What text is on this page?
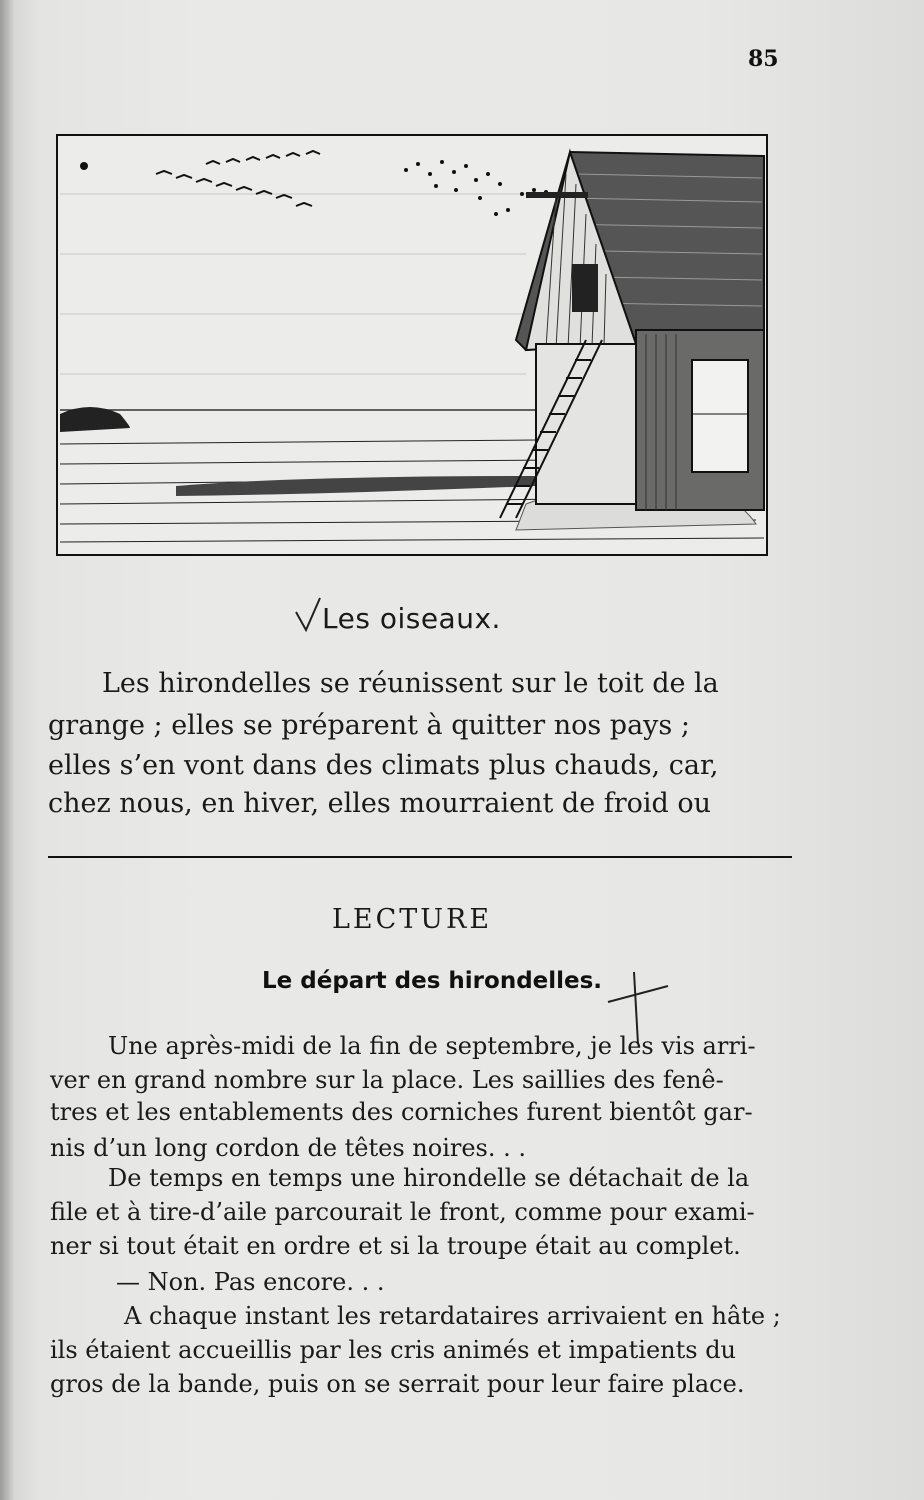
85
Les oiseaux.
Les hirondelles se réunissent sur le toit de la
grange ; elles se préparent à quitter nos pays ;
elles s’en vont dans des climats plus chauds, car,
chez nous, en hiver, elles mourraient de froid ou
LECTURE
Le départ des hirondelles.
Une après-midi de la fin de septembre, je les vis arri-
ver en grand nombre sur la place. Les saillies des fenê-
tres et les entablements des corniches furent bientôt gar-
nis d’un long cordon de têtes noires. . .
De temps en temps une hirondelle se détachait de la
file et à tire-d’aile parcourait le front, comme pour exami-
ner si tout était en ordre et si la troupe était au complet.
— Non. Pas encore. . .
A chaque instant les retardataires arrivaient en hâte ;
ils étaient accueillis par les cris animés et impatients du
gros de la bande, puis on se serrait pour leur faire place.
